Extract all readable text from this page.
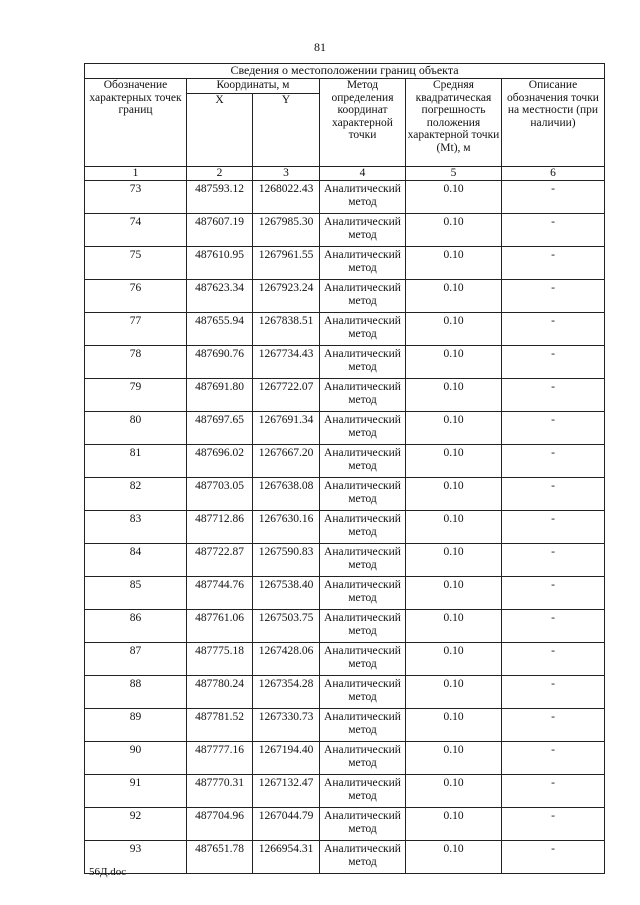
81
Сведения о местоположении границ объекта					
Обозначение характерных точек границ	Координаты, м		Метод определения координат характерной точки	Средняя квадратическая погрешность положения характерной точки (Mt), м	Описание обозначения точки на местности (при наличии)
	X	Y			
1	2	3	4	5	6
73	487593.12	1268022.43	Аналитический метод	0.10	-
74	487607.19	1267985.30	Аналитический метод	0.10	-
75	487610.95	1267961.55	Аналитический метод	0.10	-
76	487623.34	1267923.24	Аналитический метод	0.10	-
77	487655.94	1267838.51	Аналитический метод	0.10	-
78	487690.76	1267734.43	Аналитический метод	0.10	-
79	487691.80	1267722.07	Аналитический метод	0.10	-
80	487697.65	1267691.34	Аналитический метод	0.10	-
81	487696.02	1267667.20	Аналитический метод	0.10	-
82	487703.05	1267638.08	Аналитический метод	0.10	-
83	487712.86	1267630.16	Аналитический метод	0.10	-
84	487722.87	1267590.83	Аналитический метод	0.10	-
85	487744.76	1267538.40	Аналитический метод	0.10	-
86	487761.06	1267503.75	Аналитический метод	0.10	-
87	487775.18	1267428.06	Аналитический метод	0.10	-
88	487780.24	1267354.28	Аналитический метод	0.10	-
89	487781.52	1267330.73	Аналитический метод	0.10	-
90	487777.16	1267194.40	Аналитический метод	0.10	-
91	487770.31	1267132.47	Аналитический метод	0.10	-
92	487704.96	1267044.79	Аналитический метод	0.10	-
93	487651.78	1266954.31	Аналитический метод	0.10	-
56Д.doc
